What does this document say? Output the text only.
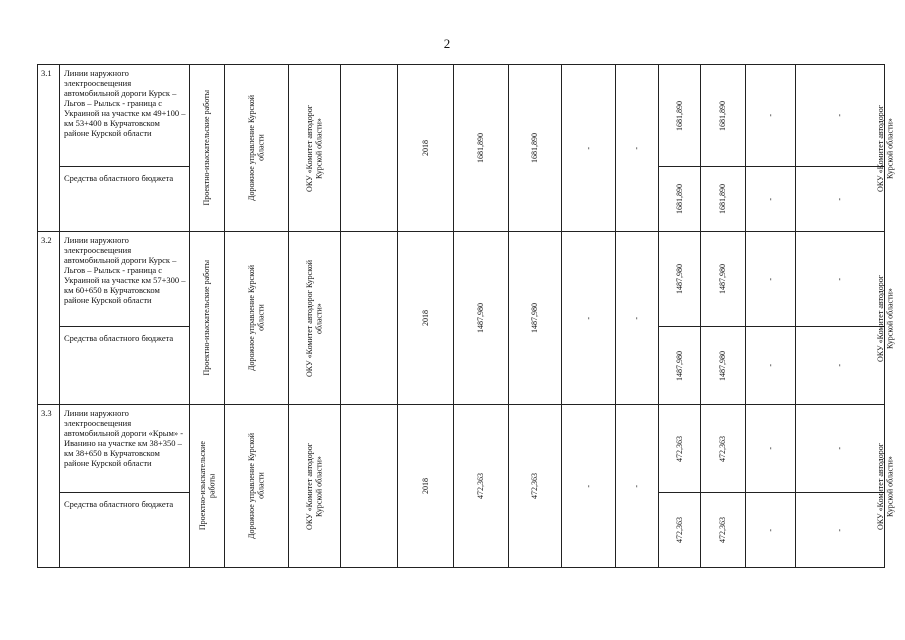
2
3.1	Линии наружного электроосвещения автомобильной дороги Курск – Льгов – Рыльск - граница с Украиной на участке км 49+100 – км 53+400 в Курчатовском районе Курской области	Проектно-изыскательские работы	Дорожное управление Курской
области	ОКУ «Комитет автодорог
Курской области»		2018	1681,890	1681,890	-	-	1681,890	1681,890	-	-	ОКУ «Комитет автодорог
Курской области»

	Средства областного бюджета										1681,890	1681,890	-	-	

3.2	Линии наружного электроосвещения автомобильной дороги Курск – Льгов – Рыльск - граница с Украиной на участке км 57+300 – км 60+650 в Курчатовском районе Курской области	Проектно-изыскательские работы	Дорожное управление Курской
области	ОКУ «Комитет автодорог Курской
области»		2018	1487,980	1487,980	-	-	1487,980	1487,980	-	-	ОКУ «Комитет автодорог
Курской области»

	Средства областного бюджета										1487,980	1487,980	-	-	

3.3	Линии наружного электроосвещения автомобильной дороги «Крым» - Иванино на участке км 38+350 – км 38+650 в Курчатовском районе Курской области	Проектно-изыскательские
работы	Дорожное управление Курской
области	ОКУ «Комитет автодорог
Курской области»		2018	472,363	472,363	-	-	472,363	472,363	-	-	ОКУ «Комитет автодорог
Курской области»

	Средства областного бюджета										472,363	472,363	-	-	
